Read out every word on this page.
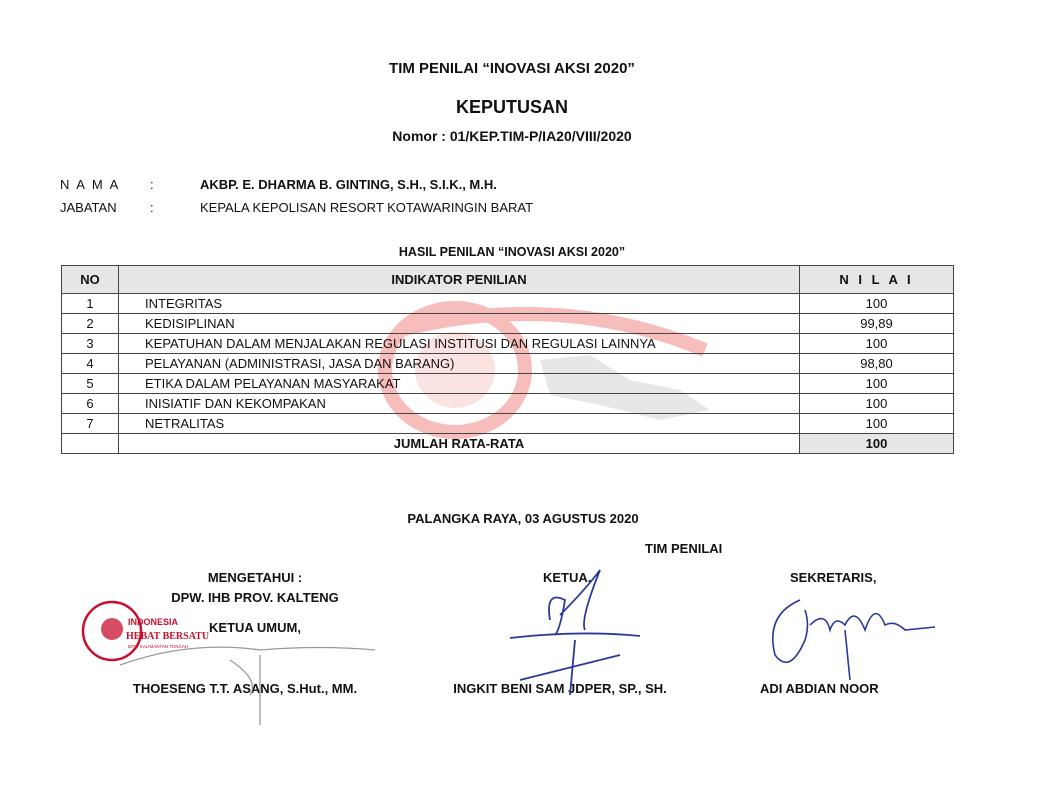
TIM PENILAI “INOVASI AKSI 2020”
KEPUTUSAN
Nomor : 01/KEP.TIM-P/IA20/VIII/2020
N A M A :	AKBP. E. DHARMA B. GINTING, S.H., S.I.K., M.H.
JABATAN	:	KEPALA KEPOLISAN RESORT KOTAWARINGIN BARAT
HASIL PENILAN “INOVASI AKSI 2020”
NO	INDIKATOR PENILIAN	N I L A I
1	INTEGRITAS	100
2	KEDISIPLINAN	99,89
3	KEPATUHAN DALAM MENJALAKAN REGULASI INSTITUSI DAN REGULASI LAINNYA	100
4	PELAYANAN (ADMINISTRASI, JASA DAN BARANG)	98,80
5	ETIKA DALAM PELAYANAN MASYARAKAT	100
6	INISIATIF DAN KEKOMPAKAN	100
7	NETRALITAS	100
	JUMLAH RATA-RATA	100
PALANGKA RAYA, 03 AGUSTUS 2020
TIM PENILAI
MENGETAHUI :
DPW. IHB PROV. KALTENG
KETUA UMUM,
THOESENG T.T. ASANG, S.Hut., MM.
INDONESIA
HEBAT BERSATU
DPW KALIMANTAN TENGAH
KETUA,
INGKIT BENI SAM JDPER, SP., SH.
SEKRETARIS,
ADI ABDIAN NOOR
